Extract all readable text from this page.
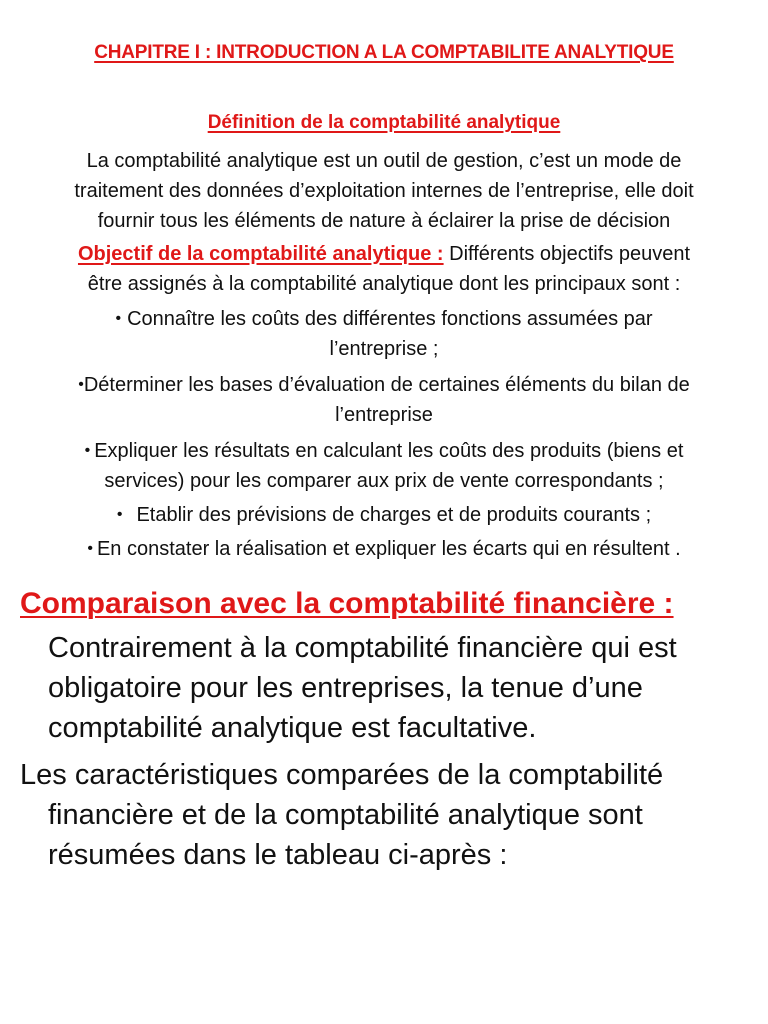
CHAPITRE I : INTRODUCTION A LA COMPTABILITE ANALYTIQUE
Définition de la comptabilité analytique
La comptabilité analytique est un outil de gestion, c’est un mode de
traitement des données d’exploitation internes de l’entreprise, elle doit
fournir tous les éléments de nature à éclairer la prise de décision
Objectif de la comptabilité analytique : Différents objectifs peuvent
être assignés à la comptabilité analytique dont les principaux sont :
• Connaître les coûts des différentes fonctions assumées par
l’entreprise ;
•Déterminer les bases d’évaluation de certaines éléments du bilan de
l’entreprise
• Expliquer les résultats en calculant les coûts des produits (biens et
services) pour les comparer aux prix de vente correspondants ;
• Etablir des prévisions de charges et de produits courants ;
• En constater la réalisation et expliquer les écarts qui en résultent .
Comparaison avec la comptabilité financière :
Contrairement à la comptabilité financière qui est
obligatoire pour les entreprises, la tenue d’une
comptabilité analytique est facultative.
Les caractéristiques comparées de la comptabilité
financière et de la comptabilité analytique sont
résumées dans le tableau ci-après :
